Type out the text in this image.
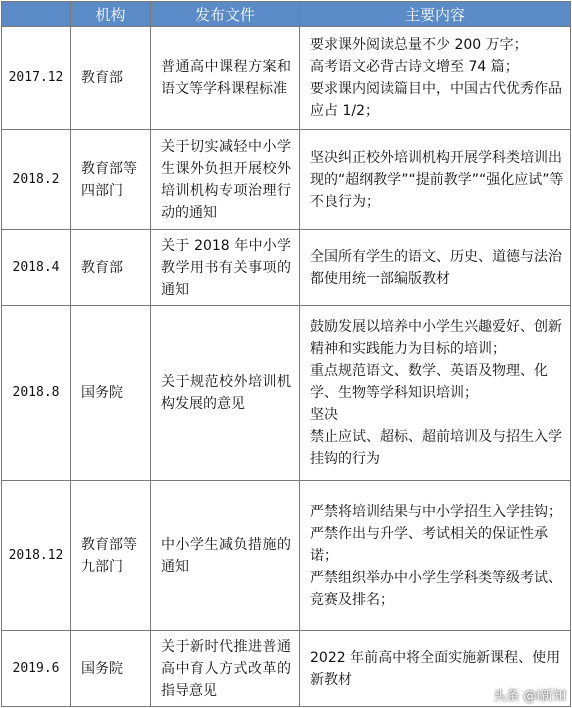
	机构	发布文件	主要内容
2017.12	教育部	普通高中课程方案和语文等学科课程标准	要求课外阅读总量不少 200 万字；
高考语文必背古诗文增至 74 篇；
要求课内阅读篇目中，中国古代优秀作品应占 1/2；

2018.2	教育部等四部门	关于切实减轻中小学生课外负担开展校外培训机构专项治理行动的通知	坚决纠正校外培训机构开展学科类培训出现的“超纲教学”“提前教学”“强化应试”等不良行为；

2018.4	教育部	关于 2018 年中小学教学用书有关事项的通知	全国所有学生的语文、历史、道德与法治都使用统一部编版教材

2018.8	国务院	关于规范校外培训机构发展的意见	鼓励发展以培养中小学生兴趣爱好、创新精神和实践能力为目标的培训；
重点规范语文、数学、英语及物理、化学、生物等学科知识培训；
坚决
禁止应试、超标、超前培训及与招生入学挂钩的行为

2018.12	教育部等九部门	中小学生减负措施的通知	严禁将培训结果与中小学招生入学挂钩；
严禁作出与升学、考试相关的保证性承诺；
严禁组织举办中小学生学科类等级考试、竞赛及排名；

2019.6	国务院	关于新时代推进普通高中育人方式改革的指导意见	2022 年前高中将全面实施新课程、使用新教材
头条 @i新知
